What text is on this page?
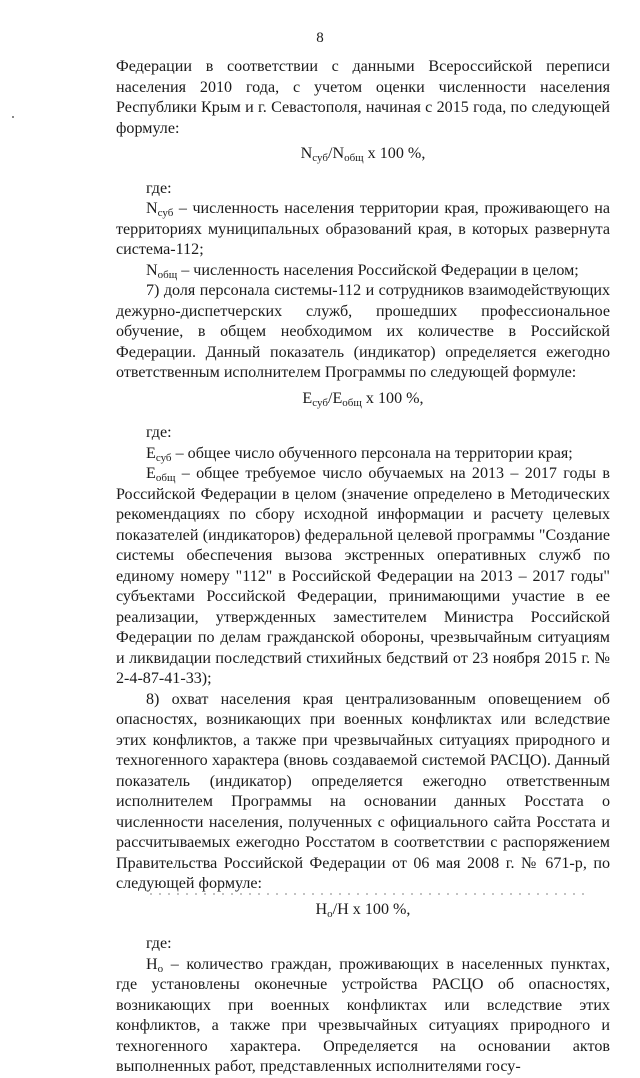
8

Федерации в соответствии с данными Всероссийской переписи населения 2010 года, с учетом оценки численности населения Республики Крым и г. Севастополя, начиная с 2015 года, по следующей формуле:

$N_{суб}/N_{общ}$ х 100 %,

где:

$N_{суб}$ – численность населения территории края, проживающего на территориях муниципальных образований края, в которых развернута система-112;

$N_{общ}$ – численность населения Российской Федерации в целом;

7) доля персонала системы-112 и сотрудников взаимодействующих дежурно-диспетчерских служб, прошедших профессиональное обучение, в общем необходимом их количестве в Российской Федерации. Данный показатель (индикатор) определяется ежегодно ответственным исполнителем Программы по следующей формуле:

$E_{суб}/E_{общ}$ х 100 %,

где:

$E_{суб}$ – общее число обученного персонала на территории края;

$E_{общ}$ – общее требуемое число обучаемых на 2013 – 2017 годы в Российской Федерации в целом (значение определено в Методических рекомендациях по сбору исходной информации и расчету целевых показателей (индикаторов) федеральной целевой программы "Создание системы обеспечения вызова экстренных оперативных служб по единому номеру "112" в Российской Федерации на 2013 – 2017 годы" субъектами Российской Федерации, принимающими участие в ее реализации, утвержденных заместителем Министра Российской Федерации по делам гражданской обороны, чрезвычайным ситуациям и ликвидации последствий стихийных бедствий от 23 ноября 2015 г. № 2-4-87-41-33);

8) охват населения края централизованным оповещением об опасностях, возникающих при военных конфликтах или вследствие этих конфликтов, а также при чрезвычайных ситуациях природного и техногенного характера (вновь создаваемой системой РАСЦО). Данный показатель (индикатор) определяется ежегодно ответственным исполнителем Программы на основании данных Росстата о численности населения, полученных с официального сайта Росстата и рассчитываемых ежегодно Росстатом в соответствии с распоряжением Правительства Российской Федерации от 06 мая 2008 г. № 671-р, по следующей формуле:

$Н_о/Н$ х 100 %,

где:

$Н_о$ – количество граждан, проживающих в населенных пунктах, где установлены оконечные устройства РАСЦО об опасностях, возникающих при военных конфликтах или вследствие этих конфликтов, а также при чрезвычайных ситуациях природного и техногенного характера. Определяется на основании актов выполненных работ, представленных исполнителями госу-
